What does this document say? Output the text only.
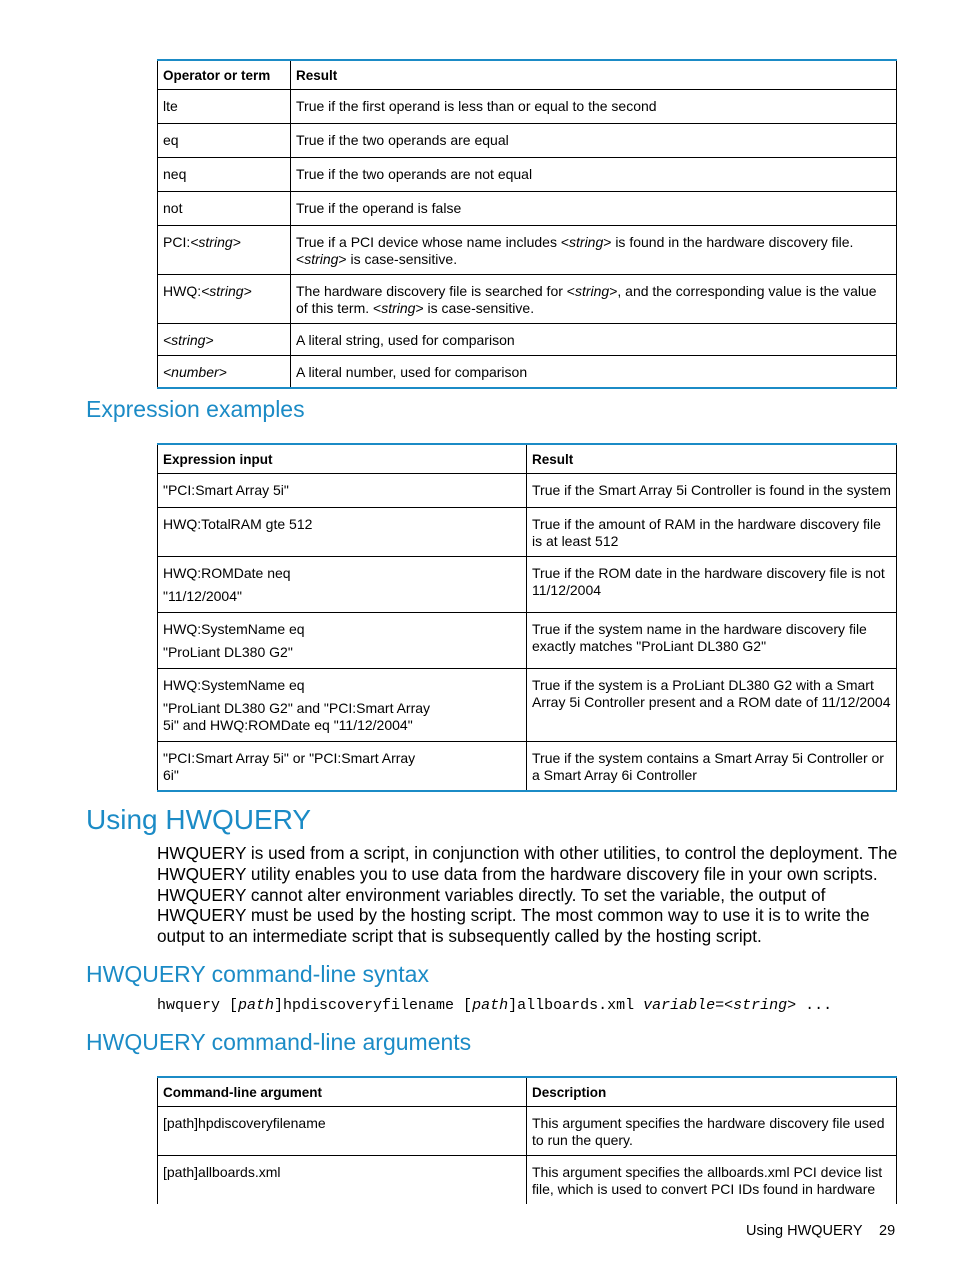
Operator or term	Result
lte	True if the first operand is less than or equal to the second
eq	True if the two operands are equal
neq	True if the two operands are not equal
not	True if the operand is false
PCI:<string>	True if a PCI device whose name includes <string> is found in the hardware discovery file. <string> is case-sensitive.
HWQ:<string>	The hardware discovery file is searched for <string>, and the corresponding value is the value of this term. <string> is case-sensitive.
<string>	A literal string, used for comparison
<number>	A literal number, used for comparison
Expression examples
Expression input	Result

"PCI:Smart Array 5i"	True if the Smart Array 5i Controller is found in the system

HWQ:TotalRAM gte 512	True if the amount of RAM in the hardware discovery file is at least 512

HWQ:ROMDate neq
"11/12/2004"	True if the ROM date in the hardware discovery file is not 11/12/2004

HWQ:SystemName eq
"ProLiant DL380 G2"	True if the system name in the hardware discovery file exactly matches "ProLiant DL380 G2"

HWQ:SystemName eq
"ProLiant DL380 G2" and "PCI:Smart Array
5i" and HWQ:ROMDate eq "11/12/2004"	True if the system is a ProLiant DL380 G2 with a Smart Array 5i Controller present and a ROM date of 11/12/2004

"PCI:Smart Array 5i" or "PCI:Smart Array
6i"	True if the system contains a Smart Array 5i Controller or a Smart Array 6i Controller
Using HWQUERY
HWQUERY is used from a script, in conjunction with other utilities, to control the deployment. The HWQUERY utility enables you to use data from the hardware discovery file in your own scripts. HWQUERY cannot alter environment variables directly. To set the variable, the output of HWQUERY must be used by the hosting script. The most common way to use it is to write the output to an intermediate script that is subsequently called by the hosting script.
HWQUERY command-line syntax
hwquery [path]hpdiscoveryfilename [path]allboards.xml variable=<string> ...
HWQUERY command-line arguments
Command-line argument	Description
[path]hpdiscoveryfilename	This argument specifies the hardware discovery file used to run the query.
[path]allboards.xml	This argument specifies the allboards.xml PCI device list file, which is used to convert PCI IDs found in hardware
Using HWQUERY 29
